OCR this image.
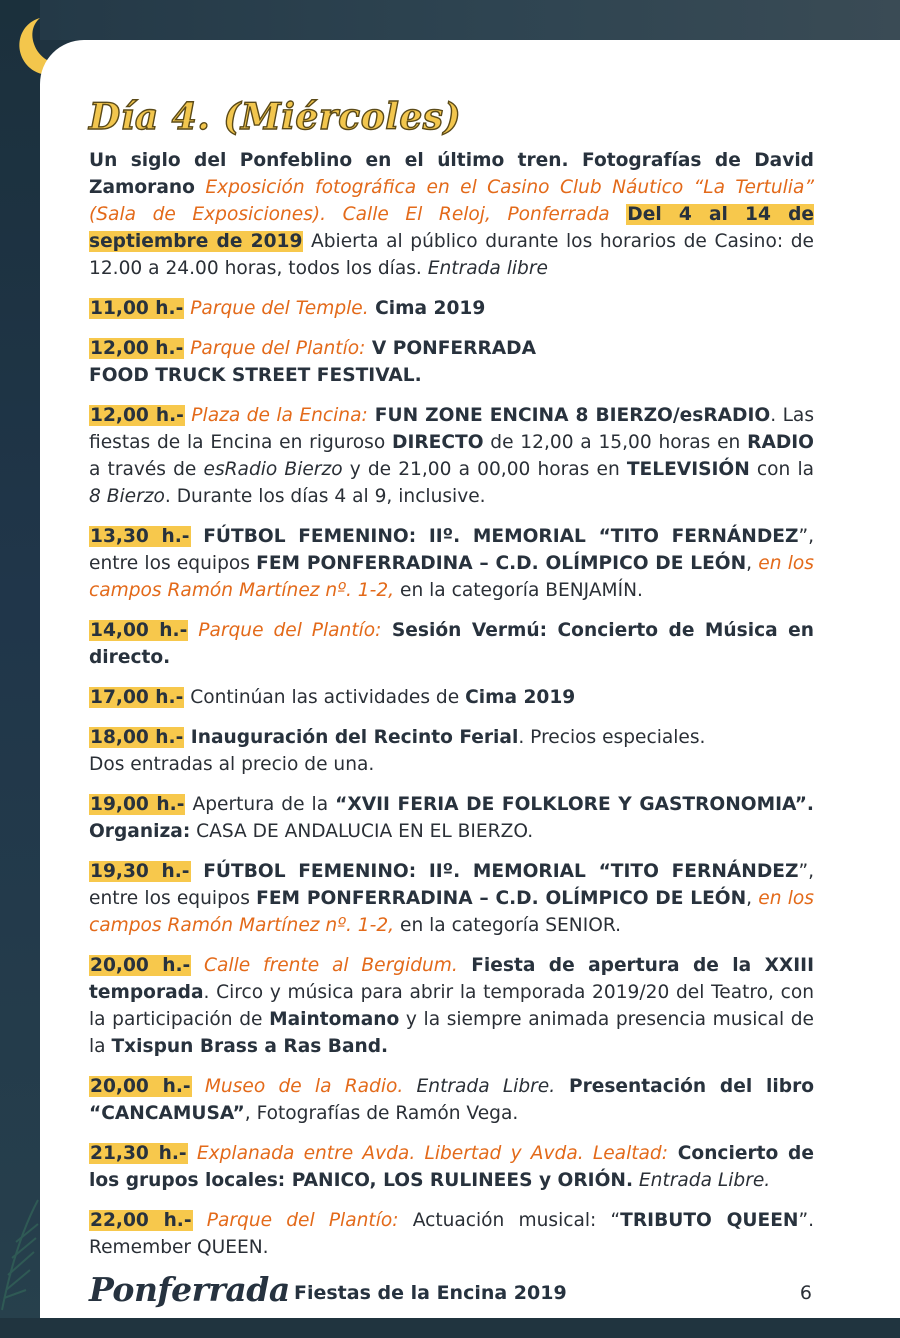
Día 4. (Miércoles)

Un siglo del Ponfeblino en el último tren. Fotografías de David Zamorano Exposición fotográfica en el Casino Club Náutico “La Tertulia” (Sala de Exposiciones). Calle El Reloj, Ponferrada Del 4 al 14 de septiembre de 2019 Abierta al público durante los horarios de Casino: de 12.00 a 24.00 horas, todos los días. Entrada libre

11,00 h.- Parque del Temple. Cima 2019

12,00 h.- Parque del Plantío: V PONFERRADA
FOOD TRUCK STREET FESTIVAL.

12,00 h.- Plaza de la Encina: FUN ZONE ENCINA 8 BIERZO/esRADIO. Las fiestas de la Encina en riguroso DIRECTO de 12,00 a 15,00 horas en RADIO a través de esRadio Bierzo y de 21,00 a 00,00 horas en TELEVISIÓN con la 8 Bierzo. Durante los días 4 al 9, inclusive.

13,30 h.- FÚTBOL FEMENINO: IIº. MEMORIAL “TITO FERNÁNDEZ”, entre los equipos FEM PONFERRADINA – C.D. OLÍMPICO DE LEÓN, en los campos Ramón Martínez nº. 1-2, en la categoría BENJAMÍN.

14,00 h.- Parque del Plantío: Sesión Vermú: Concierto de Música en directo.

17,00 h.- Continúan las actividades de Cima 2019

18,00 h.- Inauguración del Recinto Ferial. Precios especiales.
Dos entradas al precio de una.

19,00 h.- Apertura de la “XVII FERIA DE FOLKLORE Y GASTRONOMIA”. Organiza: CASA DE ANDALUCIA EN EL BIERZO.

19,30 h.- FÚTBOL FEMENINO: IIº. MEMORIAL “TITO FERNÁNDEZ”, entre los equipos FEM PONFERRADINA – C.D. OLÍMPICO DE LEÓN, en los campos Ramón Martínez nº. 1-2, en la categoría SENIOR.

20,00 h.- Calle frente al Bergidum. Fiesta de apertura de la XXIII temporada. Circo y música para abrir la temporada 2019/20 del Teatro, con la participación de Maintomano y la siempre animada presencia musical de la Txispun Brass a Ras Band.

20,00 h.- Museo de la Radio. Entrada Libre. Presentación del libro “CANCAMUSA”, Fotografías de Ramón Vega.

21,30 h.- Explanada entre Avda. Libertad y Avda. Lealtad: Concierto de los grupos locales: PANICO, LOS RULINEES y ORIÓN. Entrada Libre.

22,00 h.- Parque del Plantío: Actuación musical: “TRIBUTO QUEEN”. Remember QUEEN.

Ponferrada Fiestas de la Encina 2019	6
